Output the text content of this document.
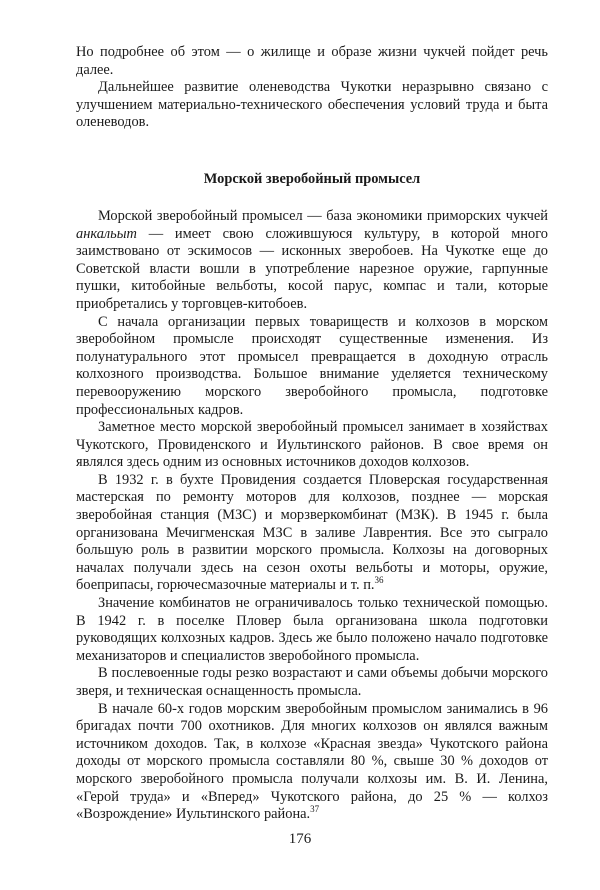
Но подробнее об этом — о жилище и образе жизни чукчей пойдет речь далее.

Дальнейшее развитие оленеводства Чукотки неразрывно связано с улучшением материально-технического обеспечения условий труда и быта оленеводов.

Морской зверобойный промысел

Морской зверобойный промысел — база экономики приморских чукчей анкальыт — имеет свою сложившуюся культуру, в которой много заимствовано от эскимосов — исконных зверобоев. На Чукотке еще до Советской власти вошли в употребление нарезное оружие, гарпунные пушки, китобойные вельботы, косой парус, компас и тали, которые приобретались у торговцев-китобоев.

С начала организации первых товариществ и колхозов в морском зверобойном промысле происходят существенные изменения. Из полунатурального этот промысел превращается в доходную отрасль колхозного производства. Большое внимание уделяется техническому перевооружению морского зверобойного промысла, подготовке профессиональных кадров.

Заметное место морской зверобойный промысел занимает в хозяйствах Чукотского, Провиденского и Иультинского районов. В свое время он являлся здесь одним из основных источников доходов колхозов.

В 1932 г. в бухте Провидения создается Пловерская государственная мастерская по ремонту моторов для колхозов, позднее — морская зверобойная станция (МЗС) и морзверкомбинат (МЗК). В 1945 г. была организована Мечигменская МЗС в заливе Лаврентия. Все это сыграло большую роль в развитии морского промысла. Колхозы на договорных началах получали здесь на сезон охоты вельботы и моторы, оружие, боеприпасы, горючесмазочные материалы и т. п.$^{36}$

Значение комбинатов не ограничивалось только технической помощью. В 1942 г. в поселке Пловер была организована школа подготовки руководящих колхозных кадров. Здесь же было положено начало подготовке механизаторов и специалистов зверобойного промысла.

В послевоенные годы резко возрастают и сами объемы добычи морского зверя, и техническая оснащенность промысла.

В начале 60-х годов морским зверобойным промыслом занимались в 96 бригадах почти 700 охотников. Для многих колхозов он являлся важным источником доходов. Так, в колхозе «Красная звезда» Чукотского района доходы от морского промысла составляли 80 %, свыше 30 % доходов от морского зверобойного промысла получали колхозы им. В. И. Ленина, «Герой труда» и «Вперед» Чукотского района, до 25 % — колхоз «Возрождение» Иультинского района.$^{37}$

176
